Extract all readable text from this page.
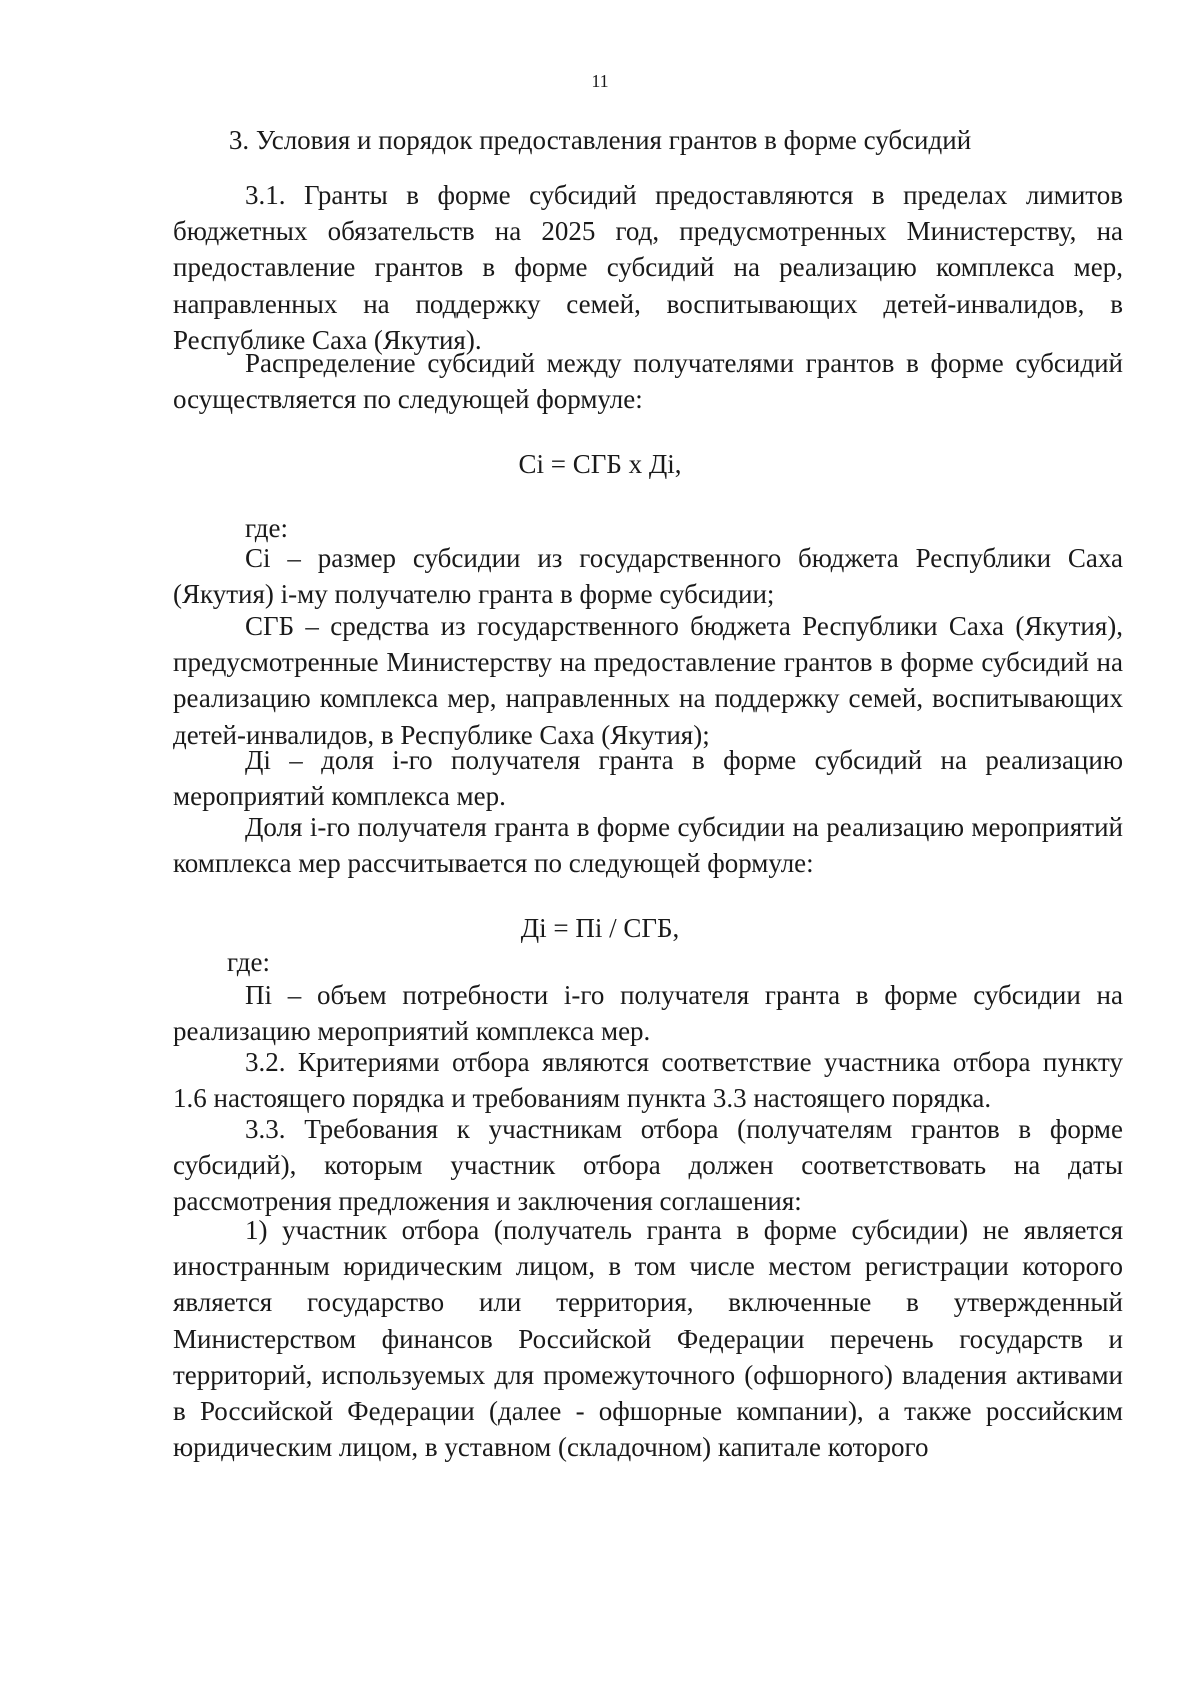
11
3. Условия и порядок предоставления грантов в форме субсидий

3.1. Гранты в форме субсидий предоставляются в пределах лимитов бюджетных обязательств на 2025 год, предусмотренных Министерству, на предоставление грантов в форме субсидий на реализацию комплекса мер, направленных на поддержку семей, воспитывающих детей-инвалидов, в Республике Саха (Якутия).

Распределение субсидий между получателями грантов в форме субсидий осуществляется по следующей формуле:

Ci = СГБ x Дi,

где:

Ci – размер субсидии из государственного бюджета Республики Саха (Якутия) i-му получателю гранта в форме субсидии;

СГБ – средства из государственного бюджета Республики Саха (Якутия), предусмотренные Министерству на предоставление грантов в форме субсидий на реализацию комплекса мер, направленных на поддержку семей, воспитывающих детей-инвалидов, в Республике Саха (Якутия);

Дi – доля i-го получателя гранта в форме субсидий на реализацию мероприятий комплекса мер.

Доля i-го получателя гранта в форме субсидии на реализацию мероприятий комплекса мер рассчитывается по следующей формуле:

Дi = Пi / СГБ,

где:

Пi – объем потребности i-го получателя гранта в форме субсидии на реализацию мероприятий комплекса мер.

3.2. Критериями отбора являются соответствие участника отбора пункту 1.6 настоящего порядка и требованиям пункта 3.3 настоящего порядка.

3.3. Требования к участникам отбора (получателям грантов в форме субсидий), которым участник отбора должен соответствовать на даты рассмотрения предложения и заключения соглашения:

1) участник отбора (получатель гранта в форме субсидии) не является иностранным юридическим лицом, в том числе местом регистрации которого является государство или территория, включенные в утвержденный Министерством финансов Российской Федерации перечень государств и территорий, используемых для промежуточного (офшорного) владения активами в Российской Федерации (далее - офшорные компании), а также российским юридическим лицом, в уставном (складочном) капитале которого
